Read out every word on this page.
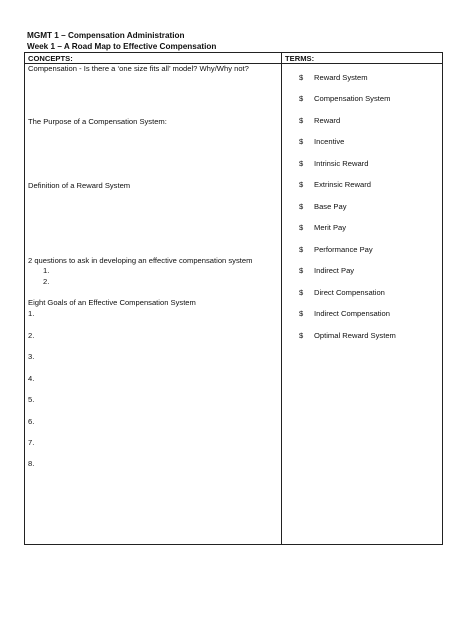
MGMT 1 – Compensation Administration
Week 1 – A Road Map to Effective Compensation
CONCEPTS:	TERMS:
Compensation - Is there a ‘one size fits all’ model? Why/Why not?
The Purpose of a Compensation System:
Definition of a Reward System
2 questions to ask in developing an effective compensation system
1.
2.
Eight Goals of an Effective Compensation System
1.
2.
3.
4.
5.
6.
7.
8.
$	Reward System
$	Compensation System
$	Reward
$	Incentive
$	Intrinsic Reward
$	Extrinsic Reward
$	Base Pay
$	Merit Pay
$	Performance Pay
$	Indirect Pay
$	Direct Compensation
$	Indirect Compensation
$	Optimal Reward System
